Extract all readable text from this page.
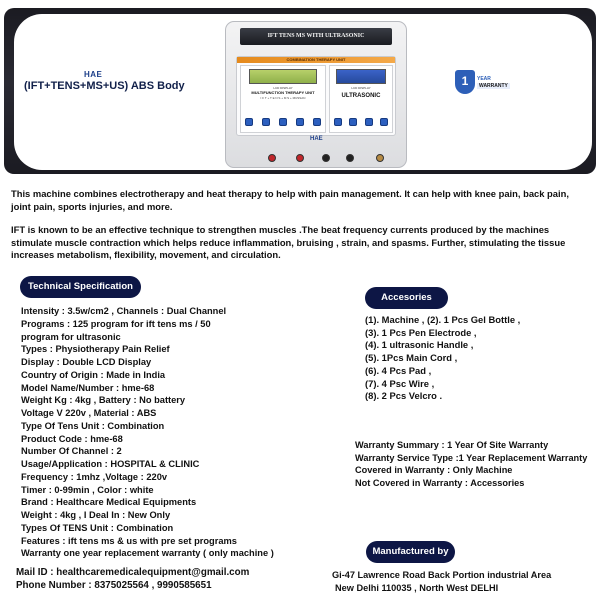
HAE
(IFT+TENS+MS+US) ABS Body
IFT TENS MS WITH ULTRASONIC
COMBINATION THERAPY UNIT
LCD DISPLAY
MULTIFUNCTION THERAPY UNIT
I F T + T E N S + M S + MUSSAN
LCD DISPLAY
ULTRASONIC
HAE
1	YEAR
WARRANTY

This machine combines electrotherapy and heat therapy to help with pain management. It can help with knee pain, back pain, joint pain, sports injuries, and more.

IFT is known to be an effective technique to strengthen muscles .The beat frequency currents produced by the machines stimulate muscle contraction which helps reduce inflammation, bruising , strain, and spasms. Further, stimulating the tissue increases metabolism, flexibility, movement, and circulation.

Technical Specification
Intensity : 3.5w/cm2 , Channels : Dual Channel
Programs : 125 program for ift tens ms / 50
program for ultrasonic
Types : Physiotherapy Pain Relief
Display : Double LCD Display
Country of Origin : Made in India
Model Name/Number : hme-68
Weight Kg : 4kg , Battery : No battery
Voltage V 220v , Material : ABS
Type Of Tens Unit : Combination
Product Code : hme-68
Number Of Channel : 2
Usage/Application : HOSPITAL & CLINIC
Frequency : 1mhz ,Voltage : 220v
Timer : 0-99min , Color : white
Brand : Healthcare Medical Equipments
Weight : 4kg , I Deal In : New Only
Types Of TENS Unit : Combination
Features : ift tens ms & us with pre set programs
Warranty one year replacement warranty ( only machine )
Accesories
(1). Machine , (2). 1 Pcs Gel Bottle ,
(3). 1 Pcs Pen Electrode ,
(4). 1 ultrasonic Handle ,
(5). 1Pcs Main Cord ,
(6). 4 Pcs Pad ,
(7). 4 Psc Wire ,
(8). 2 Pcs Velcro .
Warranty Summary : 1 Year Of Site Warranty
Warranty Service Type :1 Year Replacement Warranty
Covered in Warranty : Only Machine
Not Covered in Warranty : Accessories
Manufactured by
Gi-47 Lawrence Road Back Portion industrial Area
New Delhi 110035 , North West DELHI
Mail ID : healthcaremedicalequipment@gmail.com
Phone Number : 8375025564 , 9990585651
